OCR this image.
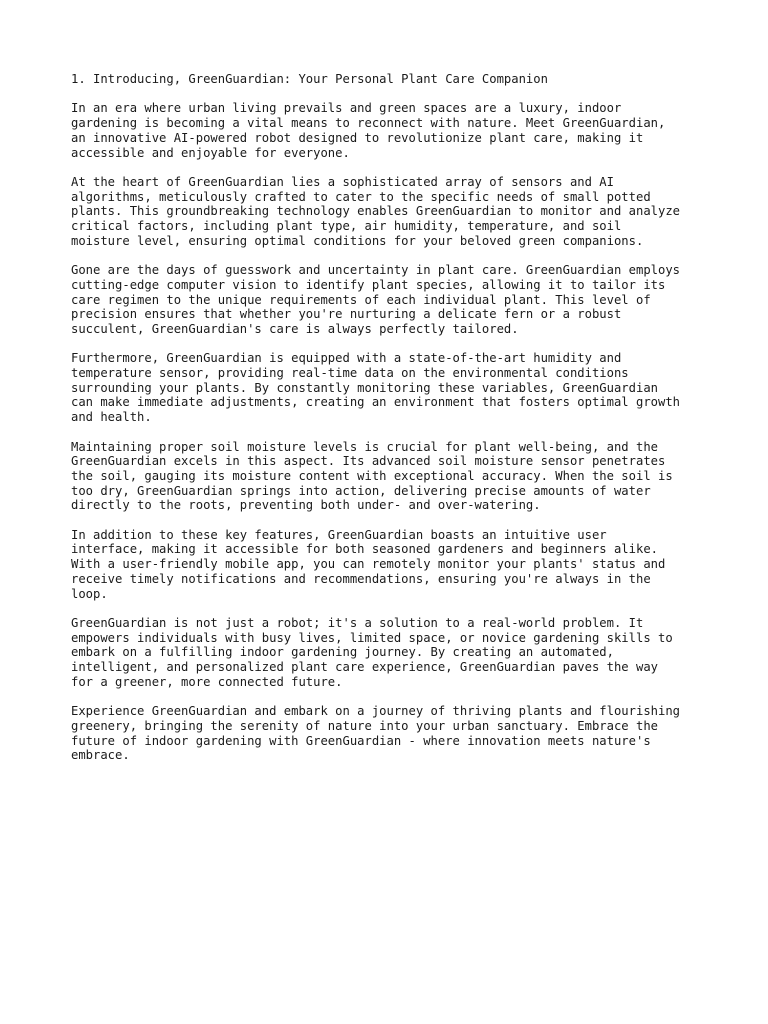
1. Introducing, GreenGuardian: Your Personal Plant Care Companion

In an era where urban living prevails and green spaces are a luxury, indoor
gardening is becoming a vital means to reconnect with nature. Meet GreenGuardian,
an innovative AI-powered robot designed to revolutionize plant care, making it
accessible and enjoyable for everyone.

At the heart of GreenGuardian lies a sophisticated array of sensors and AI
algorithms, meticulously crafted to cater to the specific needs of small potted
plants. This groundbreaking technology enables GreenGuardian to monitor and analyze
critical factors, including plant type, air humidity, temperature, and soil
moisture level, ensuring optimal conditions for your beloved green companions.

Gone are the days of guesswork and uncertainty in plant care. GreenGuardian employs
cutting-edge computer vision to identify plant species, allowing it to tailor its
care regimen to the unique requirements of each individual plant. This level of
precision ensures that whether you're nurturing a delicate fern or a robust
succulent, GreenGuardian's care is always perfectly tailored.

Furthermore, GreenGuardian is equipped with a state-of-the-art humidity and
temperature sensor, providing real-time data on the environmental conditions
surrounding your plants. By constantly monitoring these variables, GreenGuardian
can make immediate adjustments, creating an environment that fosters optimal growth
and health.

Maintaining proper soil moisture levels is crucial for plant well-being, and the
GreenGuardian excels in this aspect. Its advanced soil moisture sensor penetrates
the soil, gauging its moisture content with exceptional accuracy. When the soil is
too dry, GreenGuardian springs into action, delivering precise amounts of water
directly to the roots, preventing both under- and over-watering.

In addition to these key features, GreenGuardian boasts an intuitive user
interface, making it accessible for both seasoned gardeners and beginners alike.
With a user-friendly mobile app, you can remotely monitor your plants' status and
receive timely notifications and recommendations, ensuring you're always in the
loop.

GreenGuardian is not just a robot; it's a solution to a real-world problem. It
empowers individuals with busy lives, limited space, or novice gardening skills to
embark on a fulfilling indoor gardening journey. By creating an automated,
intelligent, and personalized plant care experience, GreenGuardian paves the way
for a greener, more connected future.

Experience GreenGuardian and embark on a journey of thriving plants and flourishing
greenery, bringing the serenity of nature into your urban sanctuary. Embrace the
future of indoor gardening with GreenGuardian - where innovation meets nature's
embrace.
